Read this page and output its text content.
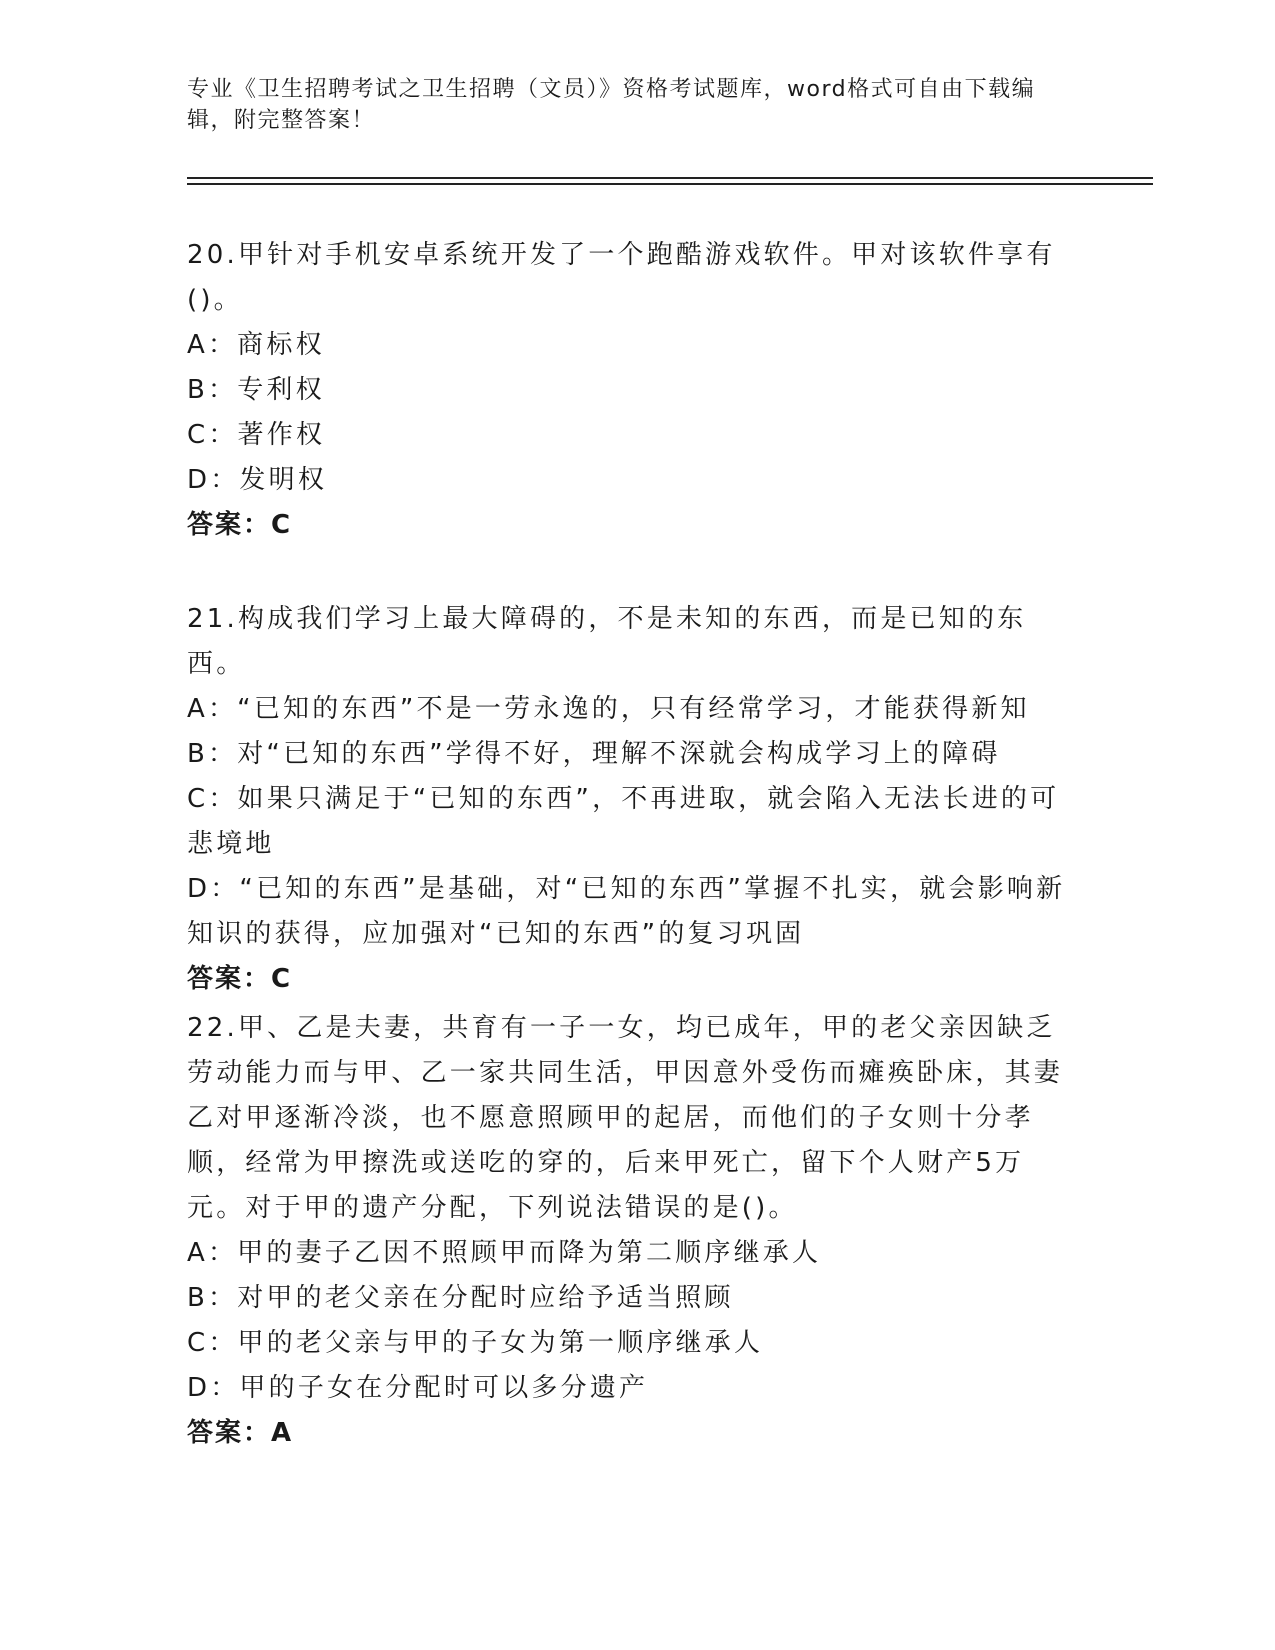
专业《卫生招聘考试之卫生招聘（文员）》资格考试题库，word格式可自由下载编辑，附完整答案！

20.甲针对手机安卓系统开发了一个跑酷游戏软件。甲对该软件享有()。

A：商标权

B：专利权

C：著作权

D：发明权

答案：C

21.构成我们学习上最大障碍的，不是未知的东西，而是已知的东西。

A：“已知的东西”不是一劳永逸的，只有经常学习，才能获得新知

B：对“已知的东西”学得不好，理解不深就会构成学习上的障碍

C：如果只满足于“已知的东西”，不再进取，就会陷入无法长进的可悲境地

D：“已知的东西”是基础，对“已知的东西”掌握不扎实，就会影响新知识的获得，应加强对“已知的东西”的复习巩固

答案：C

22.甲、乙是夫妻，共育有一子一女，均已成年，甲的老父亲因缺乏劳动能力而与甲、乙一家共同生活，甲因意外受伤而瘫痪卧床，其妻乙对甲逐渐冷淡，也不愿意照顾甲的起居，而他们的子女则十分孝顺，经常为甲擦洗或送吃的穿的，后来甲死亡，留下个人财产5万元。对于甲的遗产分配，下列说法错误的是()。

A：甲的妻子乙因不照顾甲而降为第二顺序继承人

B：对甲的老父亲在分配时应给予适当照顾

C：甲的老父亲与甲的子女为第一顺序继承人

D：甲的子女在分配时可以多分遗产

答案：A
